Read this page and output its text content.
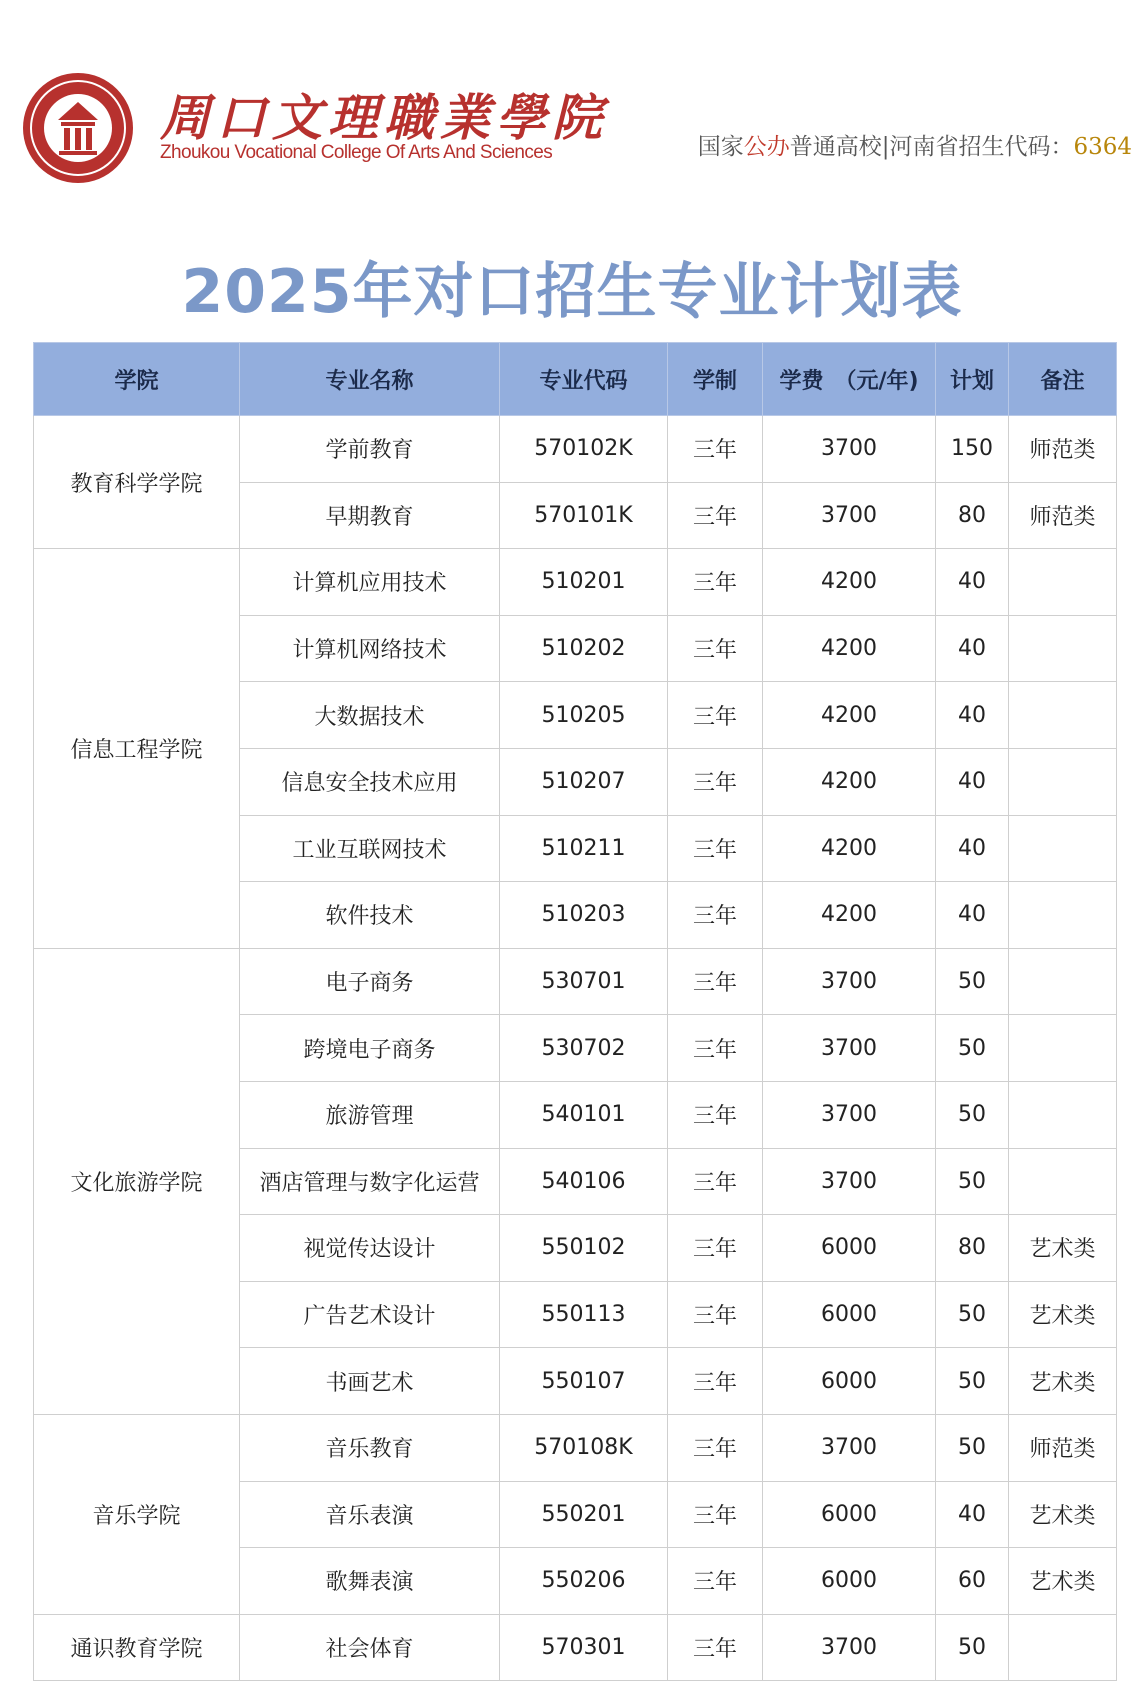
周口文理職業學院
Zhoukou Vocational College Of Arts And Sciences	国家公办普通高校|河南省招生代码：6364
2025年对口招生专业计划表
学院	专业名称	专业代码	学制	学费　（元/年)	计划	备注
教育科学学院	学前教育	570102K	三年	3700	150	师范类
	早期教育	570101K	三年	3700	80	师范类
信息工程学院	计算机应用技术	510201	三年	4200	40	
	计算机网络技术	510202	三年	4200	40	
	大数据技术	510205	三年	4200	40	
	信息安全技术应用	510207	三年	4200	40	
	工业互联网技术	510211	三年	4200	40	
	软件技术	510203	三年	4200	40	
文化旅游学院	电子商务	530701	三年	3700	50	
	跨境电子商务	530702	三年	3700	50	
	旅游管理	540101	三年	3700	50	
	酒店管理与数字化运营	540106	三年	3700	50	
	视觉传达设计	550102	三年	6000	80	艺术类
	广告艺术设计	550113	三年	6000	50	艺术类
	书画艺术	550107	三年	6000	50	艺术类
音乐学院	音乐教育	570108K	三年	3700	50	师范类
	音乐表演	550201	三年	6000	40	艺术类
	歌舞表演	550206	三年	6000	60	艺术类
通识教育学院	社会体育	570301	三年	3700	50	
